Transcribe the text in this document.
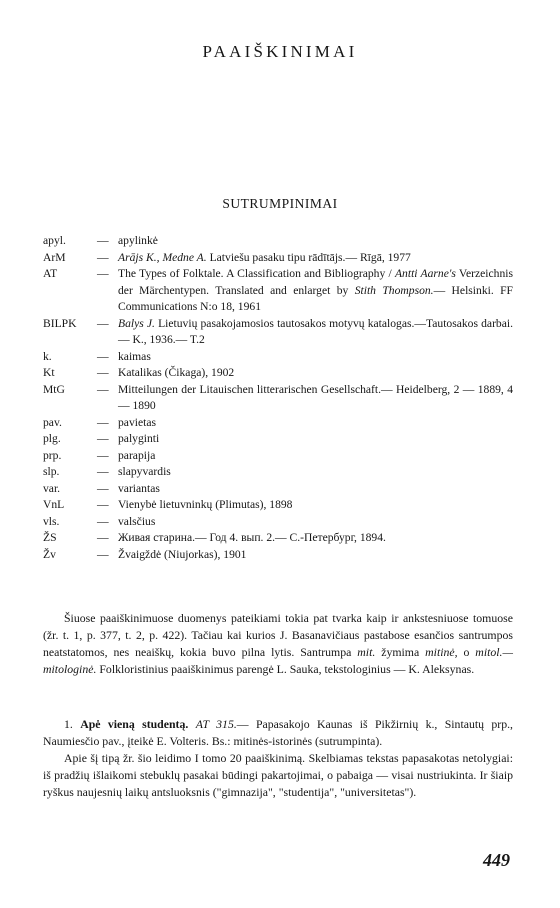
PAAIŠKINIMAI
SUTRUMPINIMAI
apyl.	— apylinkė
ArM	— Arājs K., Medne A. Latviešu pasaku tipu rādītājs.— Rīgā, 1977
AT	— The Types of Folktale. A Classification and Bibliography / Antti Aarne's Verzeichnis der Märchentypen. Translated and enlarget by Stith Thompson.— Helsinki. FF Communications N:o 18, 1961
BILPK	— Balys J. Lietuvių pasakojamosios tautosakos motyvų katalogas.—Tautosakos darbai.— K., 1936.— T.2
k.	— kaimas
Kt	— Katalikas (Čikaga), 1902
MtG	— Mitteilungen der Litauischen litterarischen Gesellschaft.— Heidelberg, 2 — 1889, 4 — 1890
pav.	— pavietas
plg.	— palyginti
prp.	— parapija
slp.	— slapyvardis
var.	— variantas
VnL	— Vienybė lietuvninkų (Plimutas), 1898
vls.	— valsčius
ŽS	— Живая старина.— Год 4. вып. 2.— С.-Петербург, 1894.
Žv	— Žvaigždė (Niujorkas), 1901

Šiuose paaiškinimuose duomenys pateikiami tokia pat tvarka kaip ir ankstesniuose tomuose (žr. t. 1, p. 377, t. 2, p. 422). Tačiau kai kurios J. Basanavičiaus pastabose esančios santrumpos neatstatomos, nes neaiškų, kokia buvo pilna lytis. Santrumpa mit. žymima mitinė, o mitol.— mitologinė. Folkloristinius paaiškinimus parengė L. Sauka, tekstologinius — K. Aleksynas.

1. Apė vieną studentą. AT 315.— Papasakojo Kaunas iš Pikžirnių k., Sintautų prp., Naumiesčio pav., įteikė E. Volteris. Bs.: mitinės-istorinės (sutrumpinta).

Apie šį tipą žr. šio leidimo I tomo 20 paaiškinimą. Skelbiamas tekstas papasakotas netolygiai: iš pradžių išlaikomi stebuklų pasakai būdingi pakartojimai, o pabaiga — visai nustriukinta. Ir šiaip ryškus naujesnių laikų antsluoksnis ("gimnazija", "studentija", "universitetas").

449
